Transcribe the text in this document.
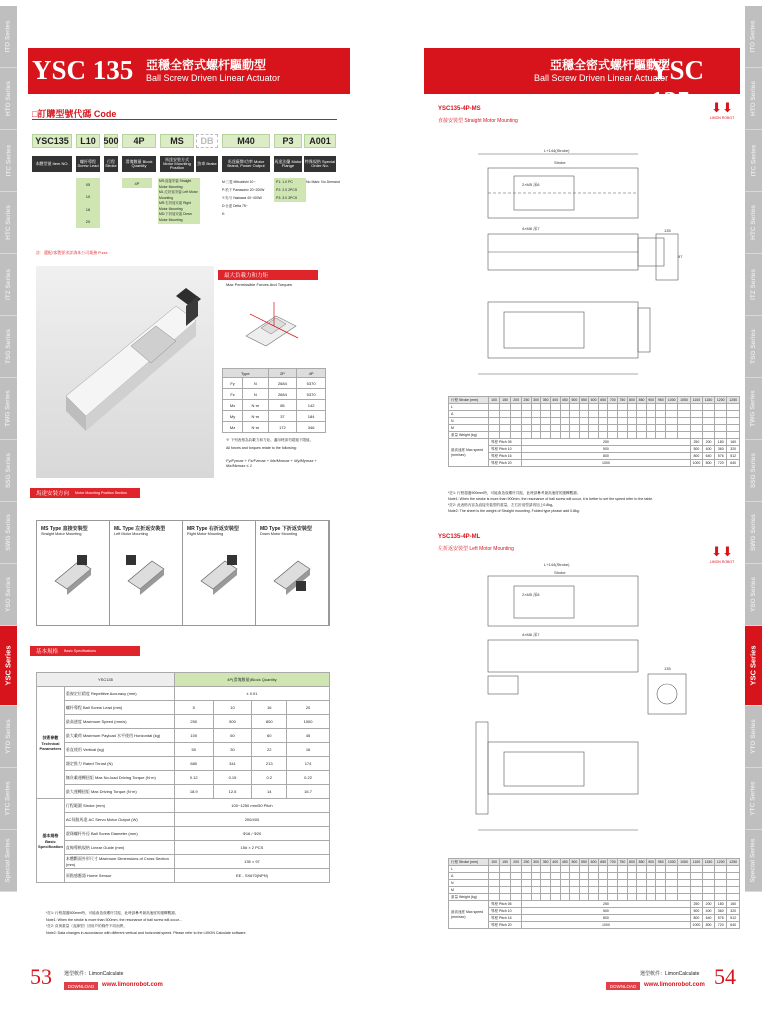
ITO Series
HTO Series
ITC Series
HTC Series
ITZ Series
TSG Series
TWG Series
SSG Series
SWG Series
YSO Series
YSC Series
YTO Series
YTC Series
Special Series
YSC 135 亞穩全密式螺杆驅動型
Ball Screw Driven Linear Actuator
□訂購型號代碼 Code
YSC135	L10 500	4P	MS	DB	M40	P3	A001
本體型號 Item NO.	螺杆導程 Screw Lead
行程 Stroke
滑塊數量 Block Quantity
馬達安裝方式 Motor Mounting Position
煞車 Brake	馬達廠牌/功率 Motor Brand, Power Output
馬達法蘭 Motor Flange
特殊規格 Special Order No.
05
10
16
20
4P	MS:直接安裝 Straight Motor Mounting
ML:左折返安裝 Left Motor Mounting
MR:右折返安裝 Right Motor Mounting
MD:下折返安裝 Down Motor Mounting
M:三菱 Mitsubishi 10~
P:松下 Panasonic 20~200W
Y:安川 Yaskawa 40~400W
D:台達 Delta 75~
K:
P1: 1.0 PC
P2: 2.0 2PCS
P3: 3.0 3PCS
No Mark: No Demand
註：選配/客製要求詳詢本公司業務 P.xxx
最大負載力和力矩
Max Permissible Forces And Torques
Type		2P	4P
Fy	N	2684	5370
Fz	N	2684	5370
Mx	N·m	85	142
My	N·m	37	184
Mz	N·m	172	346
※ 下列表格為負載力和力矩。適用時請勿超過下限值。
All forces and torques relate to the following:
Fy/Fymax + Fz/Fzmax + Mx/Mxmax + My/Mymax + Mz/Mzmax ≤ 1
馬達安裝方向 Motor Mounting Position Section
MS Type 直接安裝型
Straight Motor Mounting
ML Type 左折返安裝型
Left Motor Mounting
MR Type 右折返安裝型
Right Motor Mounting
MD Type 下折返安裝型
Down Motor Mounting
基本規格 Basic Specifications
YSC135		4P(滑塊數量)Block Quantity			
技術參數 Technical Parameters	重複定位精度 Repetitive Accuracy (mm)	± 0.01			
	螺杆導程 Ball Screw Lead (mm)	5	10	16	20
	最高速度 Maximum Speed (mm/s)	250	500	800	1000
	最大載荷 Maximum Payload 水平使用 Horizontal (kg)	100	60	60	45
	垂直使用 Vertical (kg)	50	30	22	16
	額定推力 Rated Thrust (N)	680	341	213	174
	無負載運轉扭矩 Max No-load Driving Torque (N·m)	0.12	0.15	0.2	0.22
	最大運轉扭矩 Max Driving Torque (N·m)	18.9	12.5	14	16.7
基本規格 Basic Specification	行程範圍 Stroke (mm)	100~1250 mm/50 Pitch			
	AC伺服馬達 AC Servo Motor Output (W)	200/400			
	滾珠螺杆外徑 Ball Screw Diameter (mm)	Φ16 / Φ20			
	直線導軌規格 Linear Guide (mm)	15# × 2 PCS			
	本體斷面外形尺寸 Maximum Dimensions of Cross Section (mm)	135 × 97			
	原點感應器 Home Sensor	EE - SX670(NPN)			
*註1: 行程超過500mm時，可能會造成螺杆共振，此時請參考最高速度的運轉數據。
Note1: When the stroke is more than 500mm, the resonance of ball screw will occur...
*註2: 負荷重量（直線型）因用戶的條件不同而異。
Note2: Data changes in accordance with different vertical and horizontal speed. Please refer to the LIMON Calculate software.
53 選型軟件：LimonCalculate
DOWNLOAD www.limonrobot.com
亞穩全密式螺杆驅動型
Ball Screw Driven Linear Actuator
YSC 135
ITO Series
HTO Series
ITC Series
HTC Series
ITZ Series
TSG Series
TWG Series
SSG Series
SWG Series
YSO Series
YSC Series
YTO Series
YTC Series
Special Series
YSC135-4P-MS
直接安裝型 Straight Motor Mounting
⬇⬇
LIMON ROBOT
L+144(Stroke)
Stroke
2×M5 深8
4×M6 深7	135
97
行程 Stroke (mm)	100	150	200	250	300	350	400	450	500	550	600	650	700	750	800	850	900	950	1000	1050	1100	1150	1200	1250
L																								
A																								
N																								
M																								
重量 Weight (kg)																								
最高速度 Max speed (mm/sec)	導程 Pitch 05			250																	250	200	180	160
	導程 Pitch 10			500																	500	400	360	320
	導程 Pitch 16			800																	800	640	576	512
	導程 Pitch 20			1000																	1000	800	720	640
*註1: 行程超過900mm時，可能會造成螺杆共振，此時請參考最高速度的運轉數據。
Note1: When the stroke is more than 900mm, the resonance of ball screw will occur, it is better to set the speed refer to the table.
*註2: 此表格內容為直接安裝型的重量，左右折返型請再加上0.8kg。
Note2: The sheet is the weight of Straight mounting. Folded type please add 0.8kg.
YSC135-4P-ML
左折返安裝型 Left Motor Mounting	⬇⬇
LIMON ROBOT
L+144(Stroke)
Stroke
2×M5 深8
4×M6 深7
135
行程 Stroke (mm)	100	150	200	250	300	350	400	450	500	550	600	650	700	750	800	850	900	950	1000	1050	1100	1150	1200	1250
L																								
A																								
N																								
M																								
重量 Weight (kg)																								
最高速度 Max speed (mm/sec)	導程 Pitch 05			250																	250	200	180	160
	導程 Pitch 10			500																	500	400	360	320
	導程 Pitch 16			800																	800	640	576	512
	導程 Pitch 20			1000																	1000	800	720	640
選型軟件：LimonCalculate
DOWNLOAD www.limonrobot.com 54
